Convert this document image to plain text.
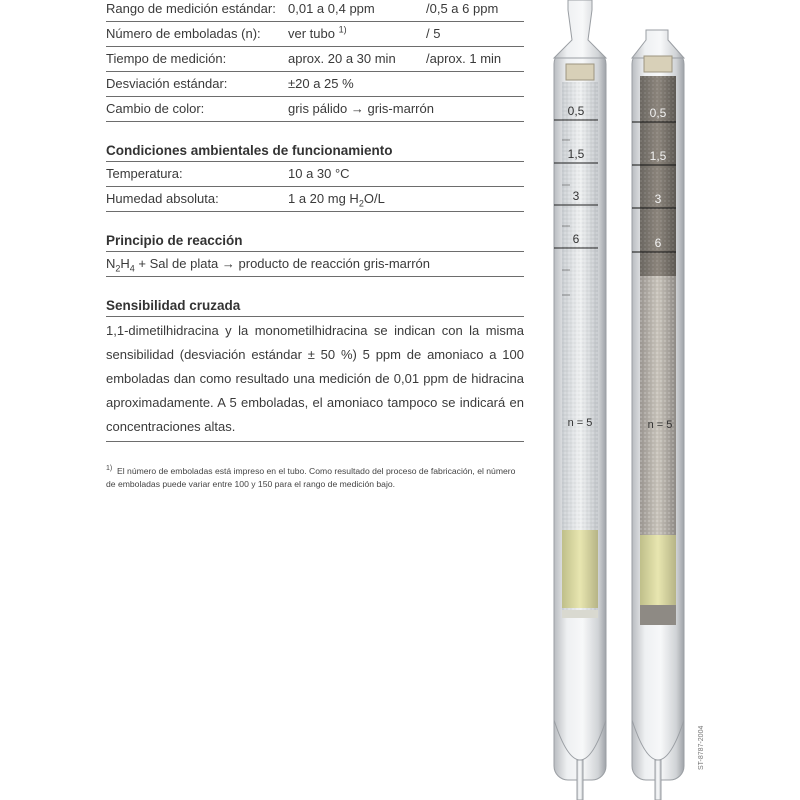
Rango de medición estándar: 0,01 a 0,4 ppm	/0,5 a 6 ppm
Número de emboladas (n):	ver tubo $^{1)}$	/ 5
Tiempo de medición:	aprox. 20 a 30 min	/aprox. 1 min
Desviación estándar:	±20 a 25 %
Cambio de color:	gris pálido → gris-marrón
Condiciones ambientales de funcionamiento
Temperatura:	10 a 30 °C
Humedad absoluta:	1 a 20 mg $H_2O/L$
Principio de reacción
$N_2H_4$ + Sal de plata → producto de reacción gris-marrón
Sensibilidad cruzada
1,1-dimetilhidracina y la monometilhidracina se indican con la misma sensibilidad (desviación estándar ± 50 %) 5 ppm de amoniaco a 100 emboladas dan como resultado una medición de 0,01 ppm de hidracina aproximadamente. A 5 emboladas, el amoniaco tampoco se indicará en concentraciones altas.
$^{1)}$ El número de emboladas está impreso en el tubo. Como resultado del proceso de fabricación, el número de emboladas puede variar entre 100 y 150 para el rango de medición bajo.
0,5
1,5
3
6
n = 5
0,5
1,5
3
6
n = 5
ST-8787-2004
